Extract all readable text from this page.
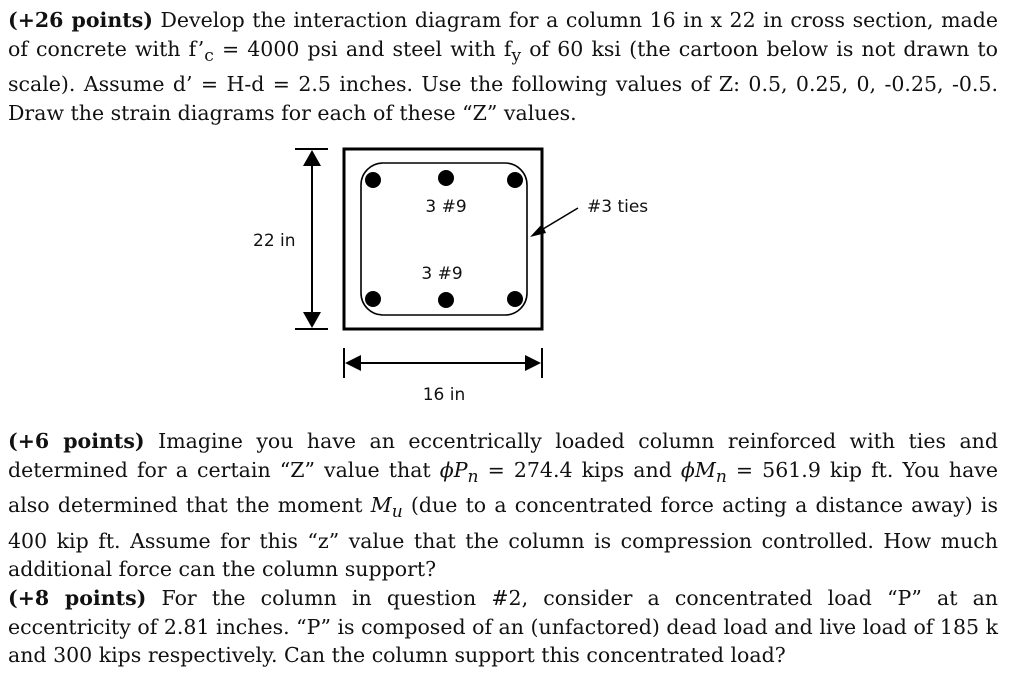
(+26 points) Develop the interaction diagram for a column 16 in x 22 in cross section, made of concrete with $f’_c = 4000$ psi and steel with $f_y$ of 60 ksi (the cartoon below is not drawn to scale). Assume d’ = H-d = 2.5 inches. Use the following values of Z: 0.5, 0.25, 0, -0.25, -0.5. Draw the strain diagrams for each of these “Z” values.
3 #9
3 #9
#3 ties
22 in
16 in
(+6 points) Imagine you have an eccentrically loaded column reinforced with ties and determined for a certain “Z” value that $\phi P_n = 274.4$ kips and $\phi M_n = 561.9$ kip ft. You have also determined that the moment $M_u$ (due to a concentrated force acting a distance away) is 400 kip ft. Assume for this “z” value that the column is compression controlled. How much additional force can the column support?
(+8 points) For the column in question #2, consider a concentrated load “P” at an eccentricity of 2.81 inches. “P” is composed of an (unfactored) dead load and live load of 185 k and 300 kips respectively. Can the column support this concentrated load?
